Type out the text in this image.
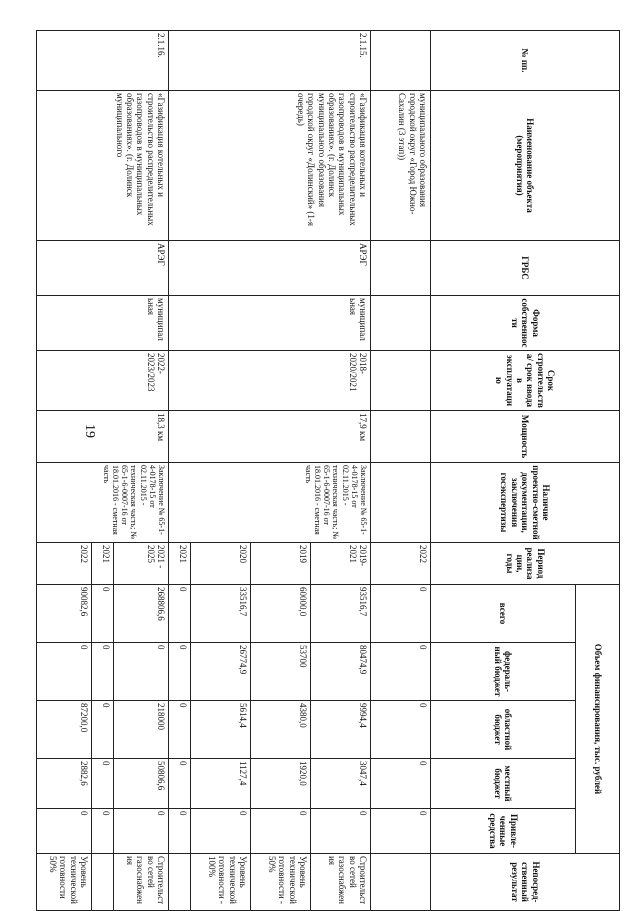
19
№ пп.	Наименование объекта (мероприятия)	ГРБС	Форма собственности	Срок строительства/ срок ввода в эксплуатацию	Мощность	Наличие проектно-сметной документации, заключения госэкспертизы	Период реализации, годы	Объем финансирования, тыс. рублей					Непосред- ственный результат
								всего	федераль- ный бюджет	областной бюджет	местный бюджет	Привле- ченные средства	
	муниципального образования городской округ «Город Южно-Сахалин (3 этап))						2022	0	0	0	0	0	
2.1.15.	«Газификация котельных и строительство распределительных газопроводов в муниципальных образованиях». (г. Долинск муниципального образования городской округ «Долинский» (1-я очередь)	АРЭГ	муниципал ьная	2018-2020/2021	17,9 км	Заключение № 65-1-4-0178-15 от 02.11.2015 - техническая часть; № 65-1-6-0007-16 от 18.01.2016 - сметная часть	2019-2021	93516,7	80474,9	9994,4	3047,4	0	Строительство сетей газоснабжения
							2019	60000,0	53700	4380,0	1920,0	0	Уровень технической готовности - 50%
							2020	33516,7	26774,9	5614,4	1127,4	0	Уровень технической готовности - 100%
							2021	0	0	0	0	0	
2.1.16.	«Газификация котельных и строительство распределительных газопроводов в муниципальных образованиях». (г. Долинск муниципального	АРЭГ	муниципал ьная	2022-2023/2023	18,3 км	Заключение № 65-1-4-0178-15 от 02.11.2015 - техническая часть; № 65-1-6-0007-16 от 18.01.2016 - сметная часть	2021 - 2025	268806,6	0	218000	50806,6	0	Строительство сетей газоснабжения
							2021	0	0	0	0	0	
							2022	90082,6	0	87200,0	2882,6	0	Уровень технической готовности 50%
